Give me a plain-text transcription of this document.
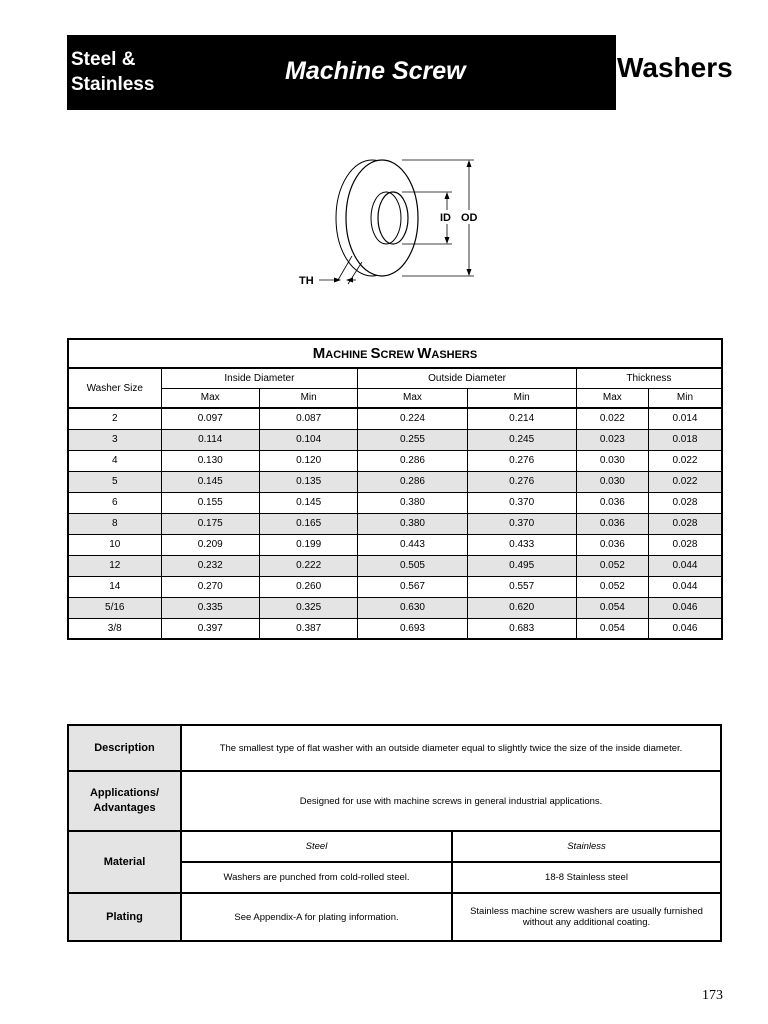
Steel &
Stainless	Machine Screw	Washers
ID OD
TH
MACHINE SCREW WASHERS						
Washer Size	Inside Diameter		Outside Diameter		Thickness	
	Max	Min	Max	Min	Max	Min
2	0.097	0.087	0.224	0.214	0.022	0.014
3	0.114	0.104	0.255	0.245	0.023	0.018
4	0.130	0.120	0.286	0.276	0.030	0.022
5	0.145	0.135	0.286	0.276	0.030	0.022
6	0.155	0.145	0.380	0.370	0.036	0.028
8	0.175	0.165	0.380	0.370	0.036	0.028
10	0.209	0.199	0.443	0.433	0.036	0.028
12	0.232	0.222	0.505	0.495	0.052	0.044
14	0.270	0.260	0.567	0.557	0.052	0.044
5/16	0.335	0.325	0.630	0.620	0.054	0.046
3/8	0.397	0.387	0.693	0.683	0.054	0.046
Description	The smallest type of flat washer with an outside diameter equal to slightly twice the size of the inside diameter.	

Applications/
Advantages	Designed for use with machine screws in general industrial applications.	
Material	Steel	Stainless
	Washers are punched from cold-rolled steel.	18-8 Stainless steel
Plating	See Appendix-A for plating information.	Stainless machine screw washers are usually furnished without any additional coating.
173
